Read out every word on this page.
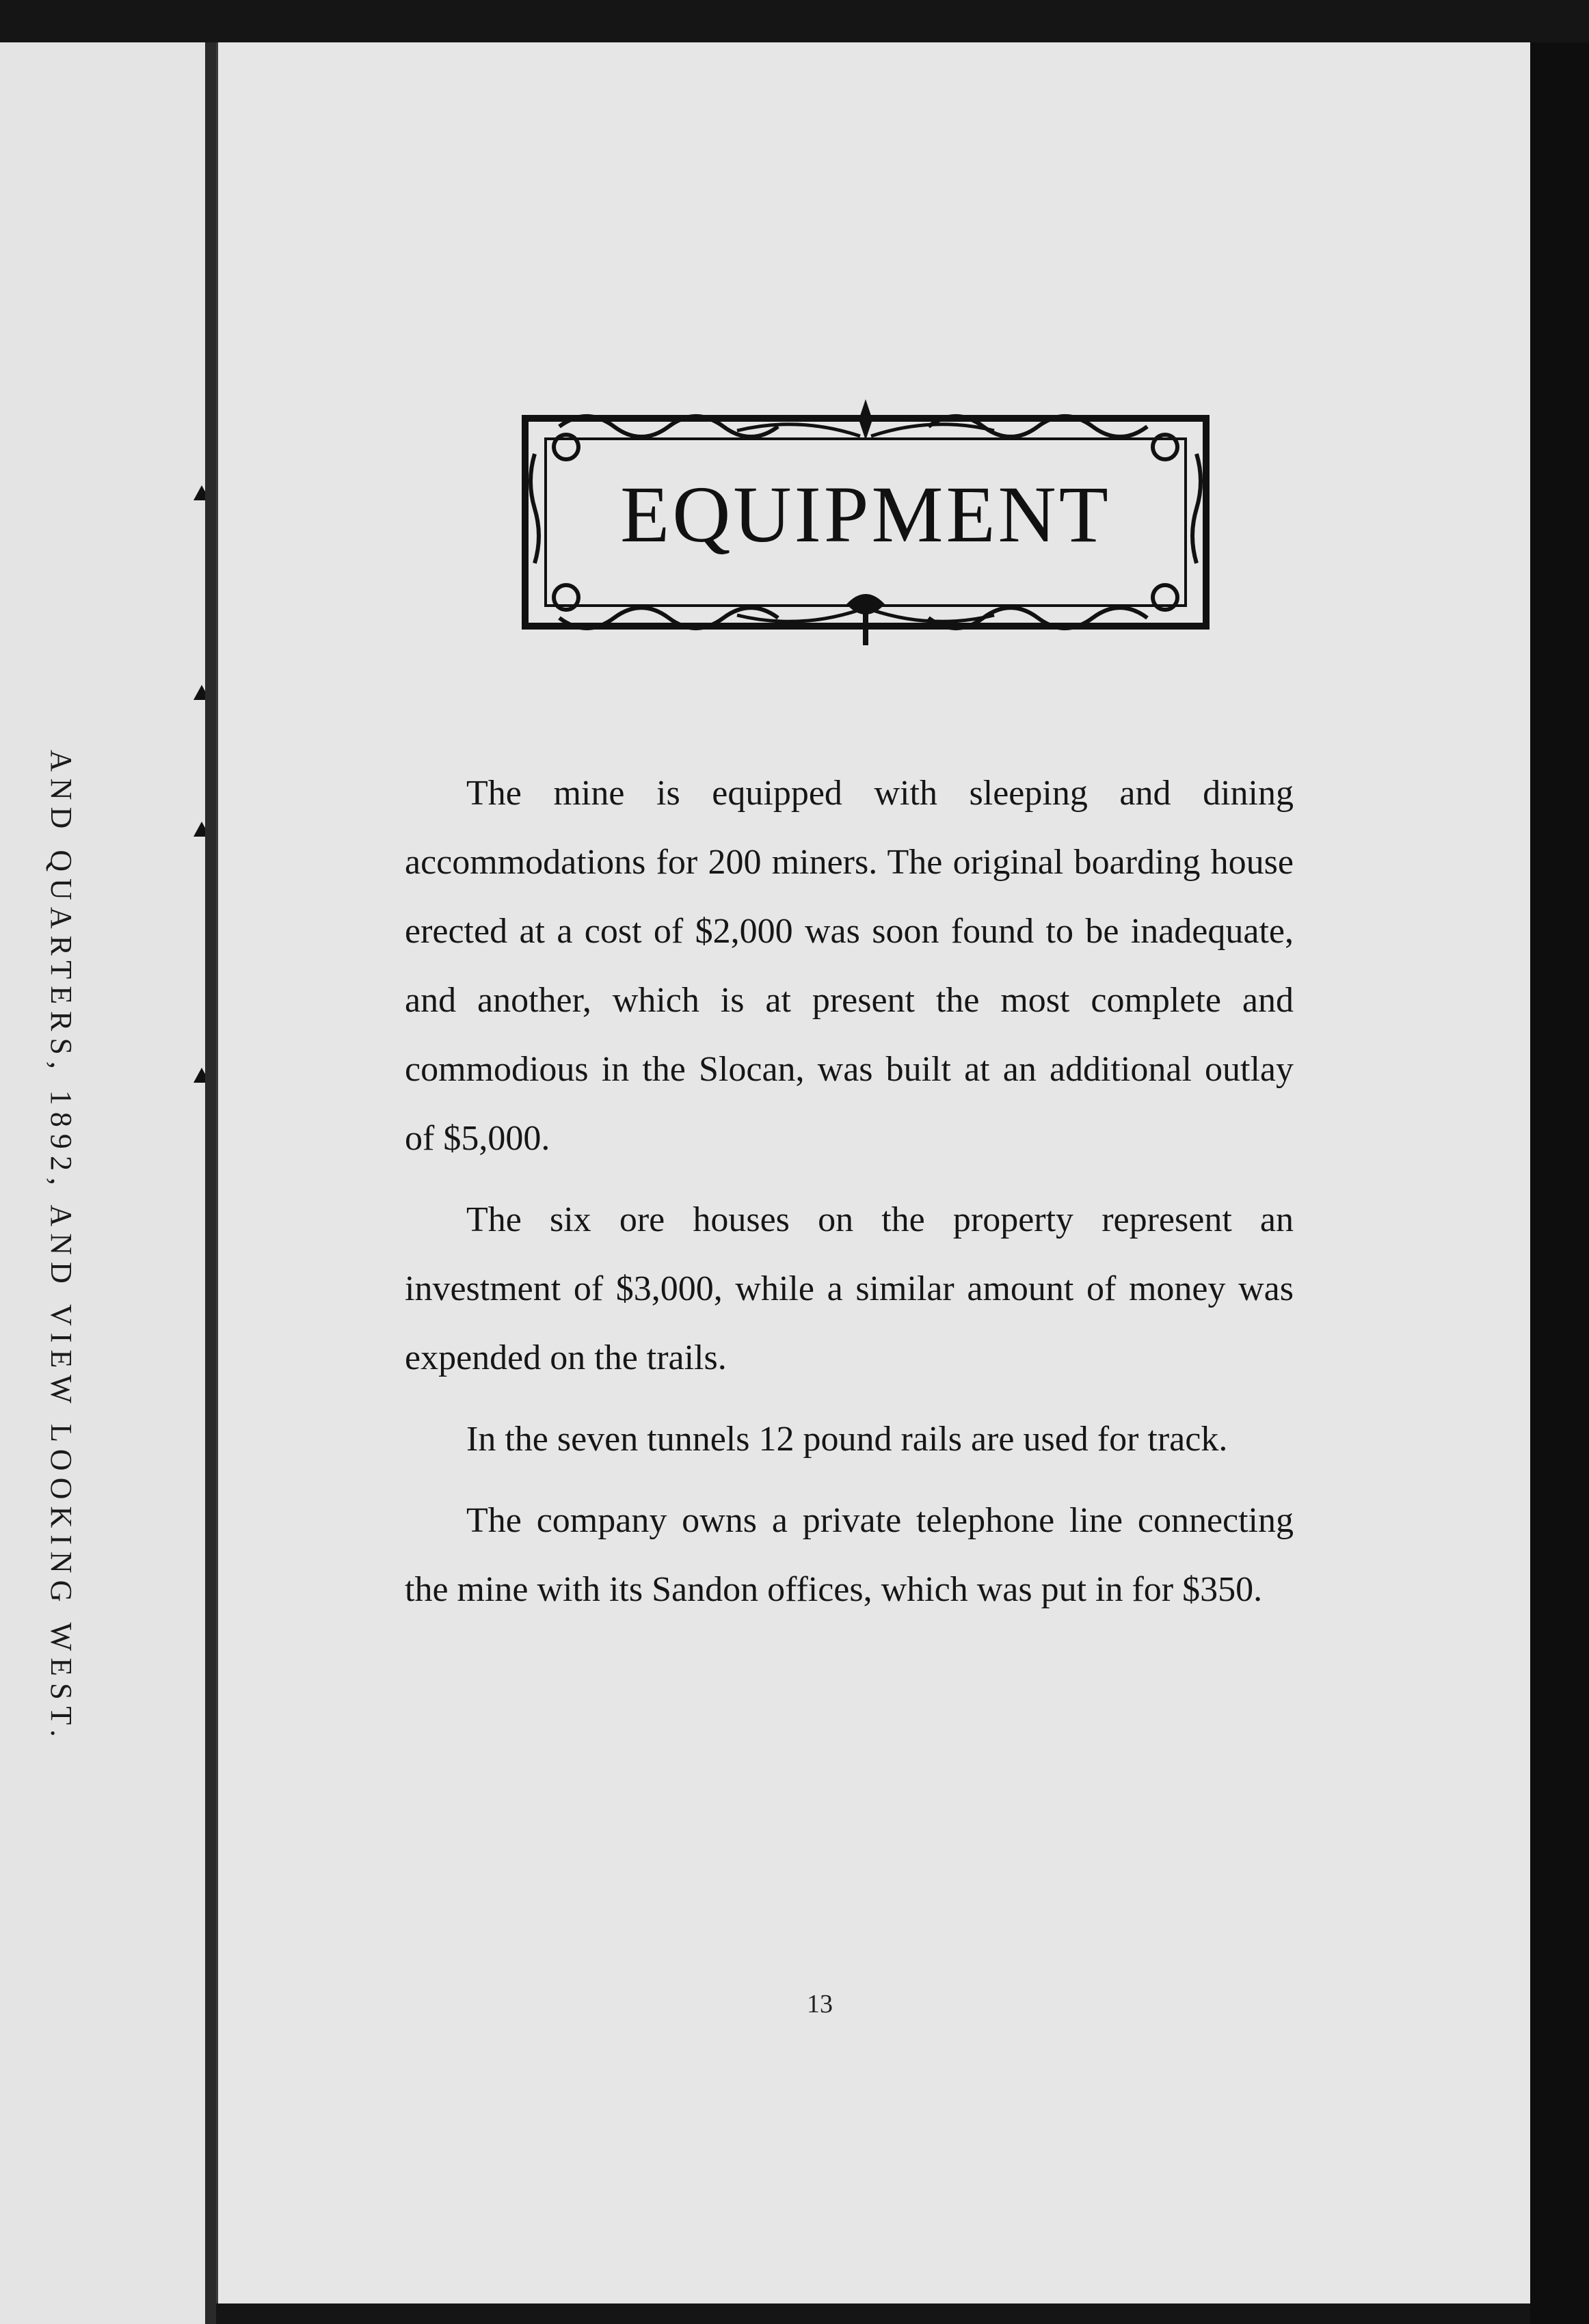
AND QUARTERS, 1892, AND VIEW LOOKING WEST.
EQUIPMENT

The mine is equipped with sleeping and dining accommodations for 200 miners. The original boarding house erected at a cost of $2,000 was soon found to be inadequate, and another, which is at present the most complete and commodious in the Slocan, was built at an additional outlay of $5,000.

The six ore houses on the property represent an investment of $3,000, while a similar amount of money was expended on the trails.

In the seven tunnels 12 pound rails are used for track.

The company owns a private telephone line connecting the mine with its Sandon offices, which was put in for $350.

13
